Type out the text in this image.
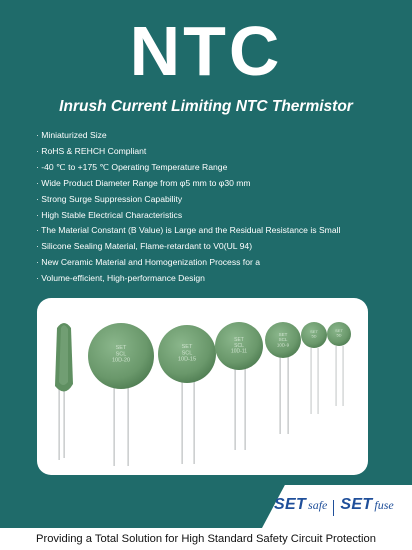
NTC
Inrush Current Limiting NTC Thermistor
· Miniaturized Size
· RoHS & REHCH Compliant
· -40 ℃ to +175 ℃ Operating Temperature Range
· Wide Product Diameter Range from φ5 mm to φ30 mm
· Strong Surge Suppression Capability
· High Stable Electrical Characteristics
· The Material Constant (B Value) is Large and the Residual Resistance is Small
· Silicone Sealing Material, Flame-retardant to V0(UL 94)
· New Ceramic Material and Homogenization Process for a
· Volume-efficient, High-performance Design
SET SCL 10D-20
SET SCL 10D-15
SET SCL 10D-11
SET SCL 10D-9
SET 5D
SET 5D
SET safe SET fuse
Providing a Total Solution for High Standard Safety Circuit Protection
